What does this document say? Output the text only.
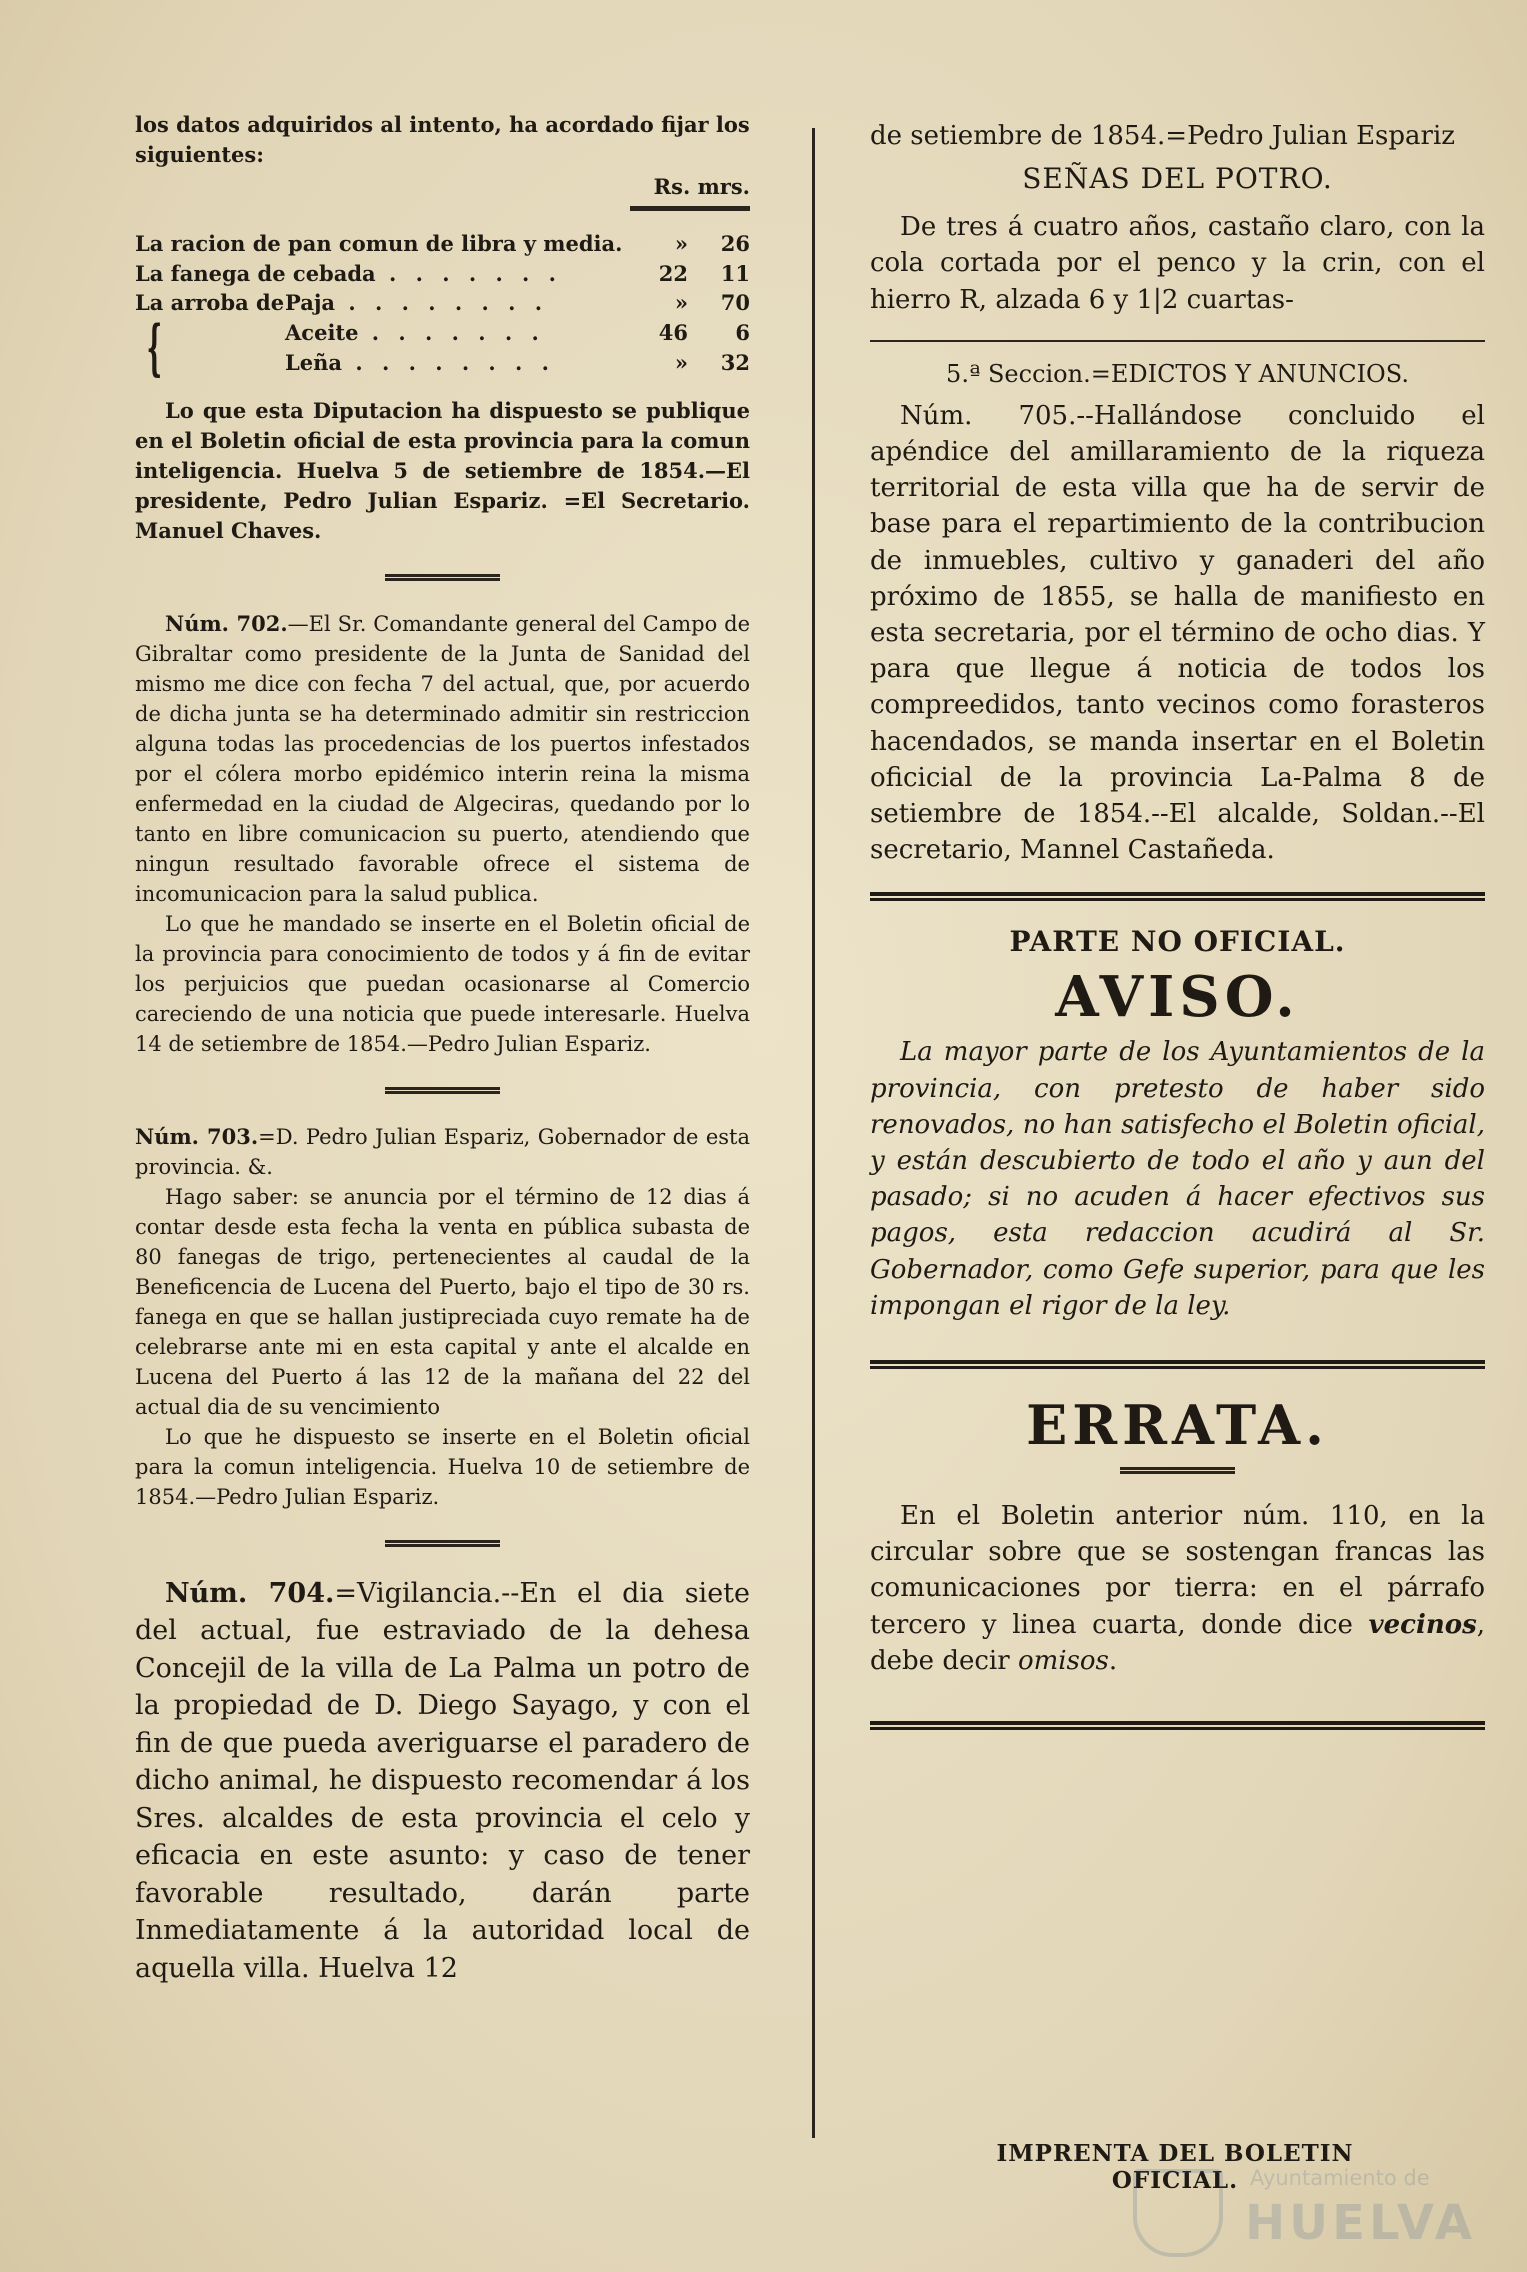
los datos adquiridos al intento, ha acordado fijar los
siguientes:

Rs. mrs.
La racion de pan comun de libra y media.		»	26
La fanega de cebada . . . . . . .		22	11
La arroba de{	Paja . . . . . . . .	»	70
	Aceite . . . . . . .	46	6
	Leña . . . . . . . .	»	32

Lo que esta Diputacion ha dispuesto se publique en el Boletin oficial de esta provincia para la comun inteligencia. Huelva 5 de setiembre de 1854.—El presidente, Pedro Julian Espariz. =El Secretario. Manuel Chaves.

Núm. 702.—El Sr. Comandante general del Campo de Gibraltar como presidente de la Junta de Sanidad del mismo me dice con fecha 7 del actual, que, por acuerdo de dicha junta se ha determinado admitir sin restriccion alguna todas las procedencias de los puertos infestados por el cólera morbo epidémico interin reina la misma enfermedad en la ciudad de Algeciras, quedando por lo tanto en libre comunicacion su puerto, atendiendo que ningun resultado favorable ofrece el sistema de incomunicacion para la salud publica.

Lo que he mandado se inserte en el Boletin oficial de la provincia para conocimiento de todos y á fin de evitar los perjuicios que puedan ocasionarse al Comercio careciendo de una noticia que puede interesarle. Huelva 14 de setiembre de 1854.—Pedro Julian Espariz.

Núm. 703.=D. Pedro Julian Espariz, Gobernador de esta provincia. &.

Hago saber: se anuncia por el término de 12 dias á contar desde esta fecha la venta en pública subasta de 80 fanegas de trigo, pertenecientes al caudal de la Beneficencia de Lucena del Puerto, bajo el tipo de 30 rs. fanega en que se hallan justipreciada cuyo remate ha de celebrarse ante mi en esta capital y ante el alcalde en Lucena del Puerto á las 12 de la mañana del 22 del actual dia de su vencimiento

Lo que he dispuesto se inserte en el Boletin oficial para la comun inteligencia. Huelva 10 de setiembre de 1854.—Pedro Julian Espariz.

Núm. 704.=Vigilancia.--En el dia siete del actual, fue estraviado de la dehesa Concejil de la villa de La Palma un potro de la propiedad de D. Diego Sayago, y con el fin de que pueda averiguarse el paradero de dicho animal, he dispuesto recomendar á los Sres. alcaldes de esta provincia el celo y eficacia en este asunto: y caso de tener favorable resultado, darán parte Inmediatamente á la autoridad local de aquella villa. Huelva 12

de setiembre de 1854.=Pedro Julian Espariz

SEÑAS DEL POTRO.

De tres á cuatro años, castaño claro, con la cola cortada por el penco y la crin, con el hierro R, alzada 6 y 1|2 cuartas-

5.ª Seccion.=EDICTOS Y ANUNCIOS.

Núm. 705.--Hallándose concluido el apéndice del amillaramiento de la riqueza territorial de esta villa que ha de servir de base para el repartimiento de la contribucion de inmuebles, cultivo y ganaderi del año próximo de 1855, se halla de manifiesto en esta secretaria, por el término de ocho dias. Y para que llegue á noticia de todos los compreedidos, tanto vecinos como forasteros hacendados, se manda insertar en el Boletin oficicial de la provincia La-Palma 8 de setiembre de 1854.--El alcalde, Soldan.--El secretario, Mannel Castañeda.

PARTE NO OFICIAL.
AVISO.

La mayor parte de los Ayuntamientos de la provincia, con pretesto de haber sido renovados, no han satisfecho el Boletin oficial, y están descubierto de todo el año y aun del pasado; si no acuden á hacer efectivos sus pagos, esta redaccion acudirá al Sr. Gobernador, como Gefe superior, para que les impongan el rigor de la ley.

ERRATA.

En el Boletin anterior núm. 110, en la circular sobre que se sostengan francas las comunicaciones por tierra: en el párrafo tercero y linea cuarta, donde dice vecinos, debe decir omisos.

IMPRENTA DEL BOLETIN OFICIAL. Ayuntamiento de
HUELVA
